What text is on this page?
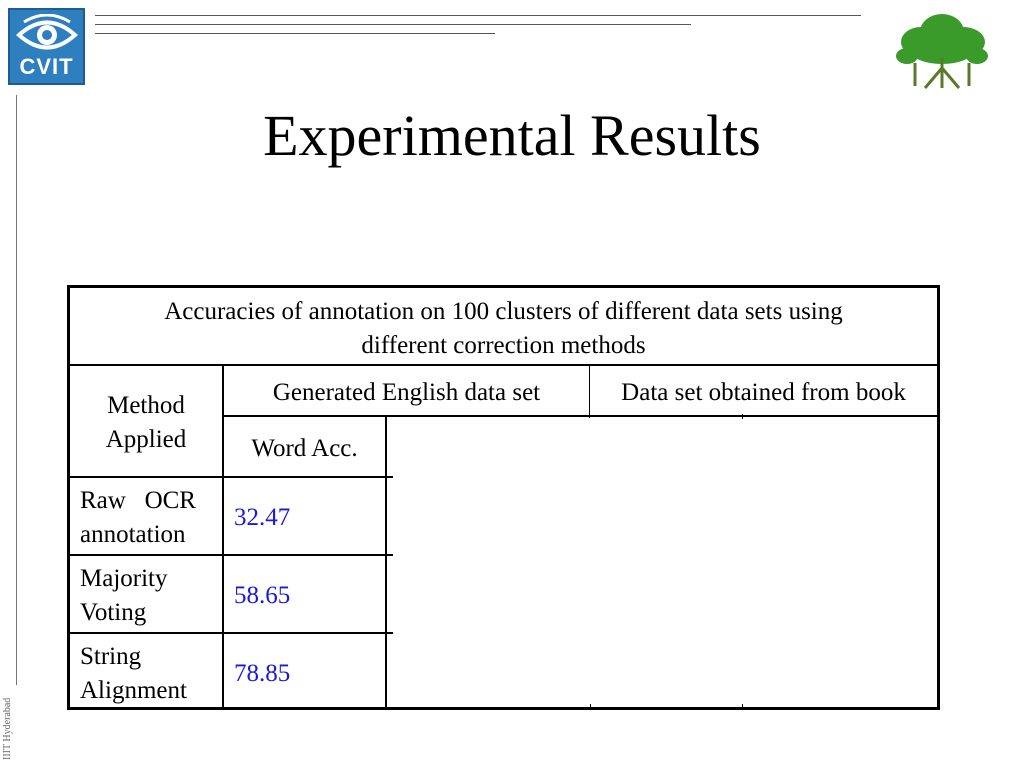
CVIT
IIIT Hyderabad
Experimental Results
Accuracies of annotation on 100 clusters of different data sets using
different correction methods
Method
Applied
Generated English data set	Data set obtained from book
Word Acc.
Raw   OCR
annotation
32.47
Majority
Voting
58.65
String
Alignment
78.85
